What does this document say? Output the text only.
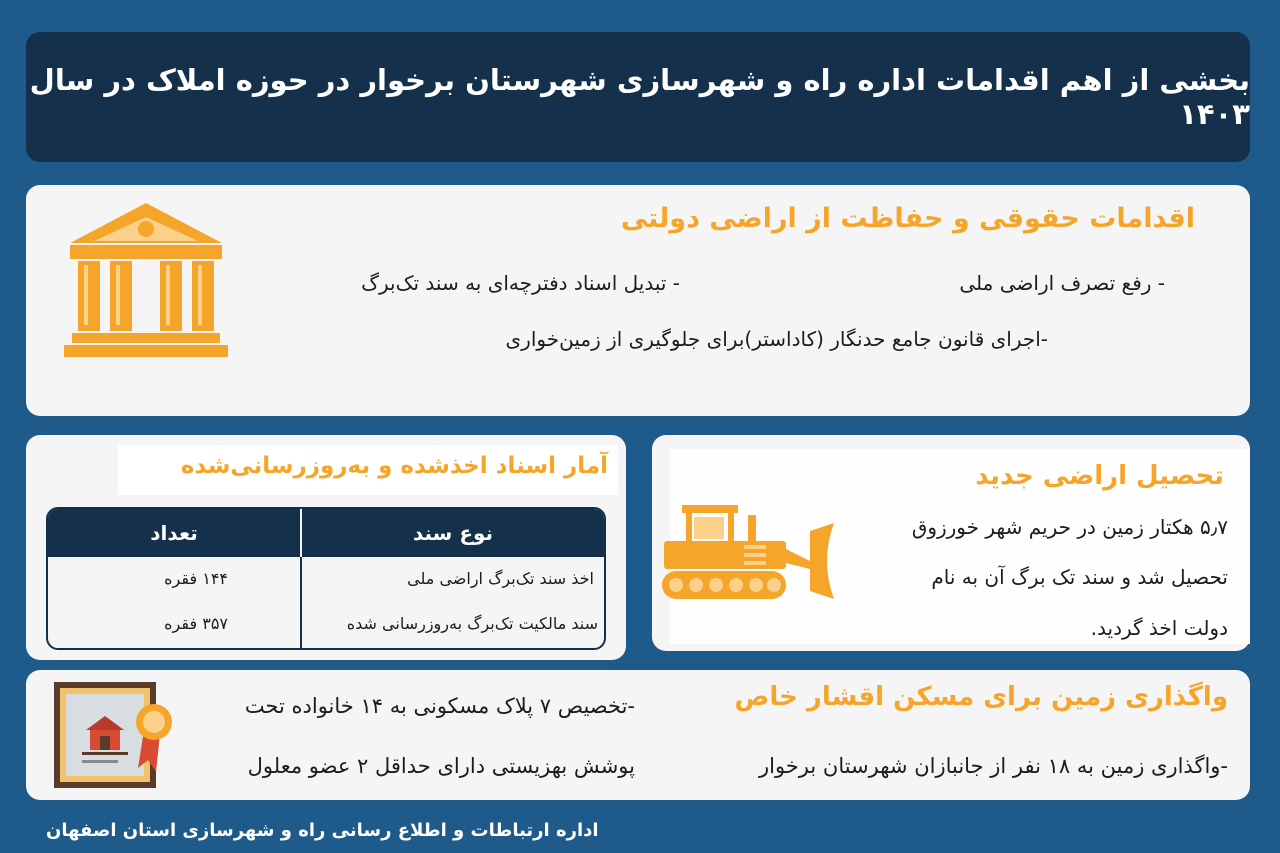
بخشی از اهم اقدامات اداره راه و شهرسازی شهرستان برخوار در حوزه املاک در سال ۱۴۰۳
اقدامات حقوقی و حفاظت از اراضی دولتی
- رفع تصرف اراضی ملی
- تبدیل اسناد دفترچه‌ای به سند تک‌برگ
-اجرای قانون جامع حدنگار (کاداستر)برای جلوگیری از زمین‌خواری
آمار اسناد اخذشده و به‌روزرسانی‌شده
نوع سند
تعداد
اخذ سند تک‌برگ اراضی ملی
سند مالکیت تک‌برگ به‌روزرسانی شده
۱۴۴ فقره
۳۵۷ فقره
تحصیل اراضی جدید
۵٫۷ هکتار زمین در حریم شهر خورزوق
تحصیل شد و سند تک برگ آن به نام
دولت اخذ گردید.
واگذاری زمین برای مسکن اقشار خاص
-تخصیص ۷ پلاک مسکونی به ۱۴ خانواده تحت
پوشش بهزیستی دارای حداقل ۲ عضو معلول	-واگذاری زمین به ۱۸ نفر از جانبازان شهرستان برخوار
اداره ارتباطات و اطلاع رسانی راه و شهرسازی استان اصفهان
